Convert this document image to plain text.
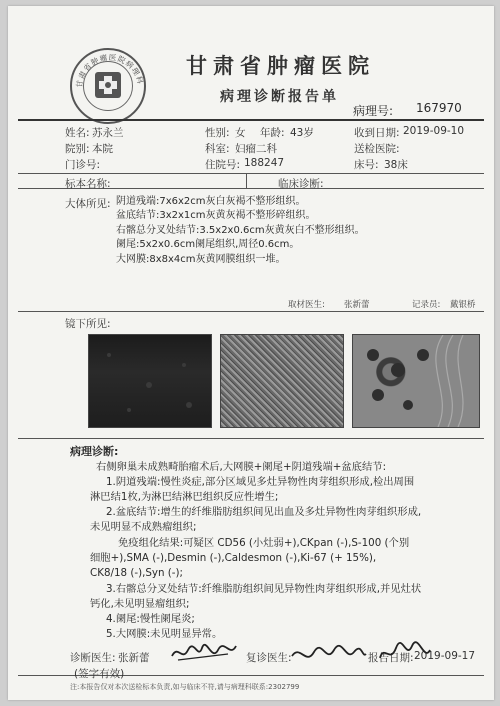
甘肃省肿瘤医院病理科
甘肃省肿瘤医院
病理诊断报告单
病理号: 167970
姓名: 苏永兰	性别: 女 年龄: 43岁	收到日期: 2019-09-10
院别: 本院	科室: 妇瘤二科	送检医院:
门诊号:	住院号: 188247	床号: 38床
标本名称:	临床诊断:
大体所见: 阴道残端:7x6x2cm灰白灰褐不整形组织。
盆底结节:3x2x1cm灰黄灰褐不整形碎组织。
右髂总分叉处结节:3.5x2x0.6cm灰黄灰白不整形组织。
阑尾:5x2x0.6cm阑尾组织,周径0.6cm。
大网膜:8x8x4cm灰黄网膜组织一堆。
取材医生: 张新蕾	记录员: 戴银桥
镜下所见:
病理诊断:
右侧卵巢未成熟畸胎瘤术后,大网膜+阑尾+阴道残端+盆底结节:
1.阴道残端:慢性炎症,部分区域见多灶异物性肉芽组织形成,检出周围
淋巴结1枚,为淋巴结淋巴组织反应性增生;
2.盆底结节:增生的纤维脂肪组织间见出血及多灶异物性肉芽组织形成,
未见明显不成熟瘤组织;
免疫组化结果:可疑区 CD56 (小灶弱+),CKpan (-),S-100 (个别
细胞+),SMA (-),Desmin (-),Caldesmon (-),Ki-67 (+ 15%),
CK8/18 (-),Syn (-);
3.右髂总分叉处结节:纤维脂肪组织间见异物性肉芽组织形成,并见灶状
钙化,未见明显瘤组织;
4.阑尾:慢性阑尾炎;
5.大网膜:未见明显异常。
诊断医生: 张新蕾	复诊医生:	报告日期: 2019-09-17
(签字有效)
注:本报告仅对本次送检标本负责,如与临床不符,请与病理科联系:2302799
